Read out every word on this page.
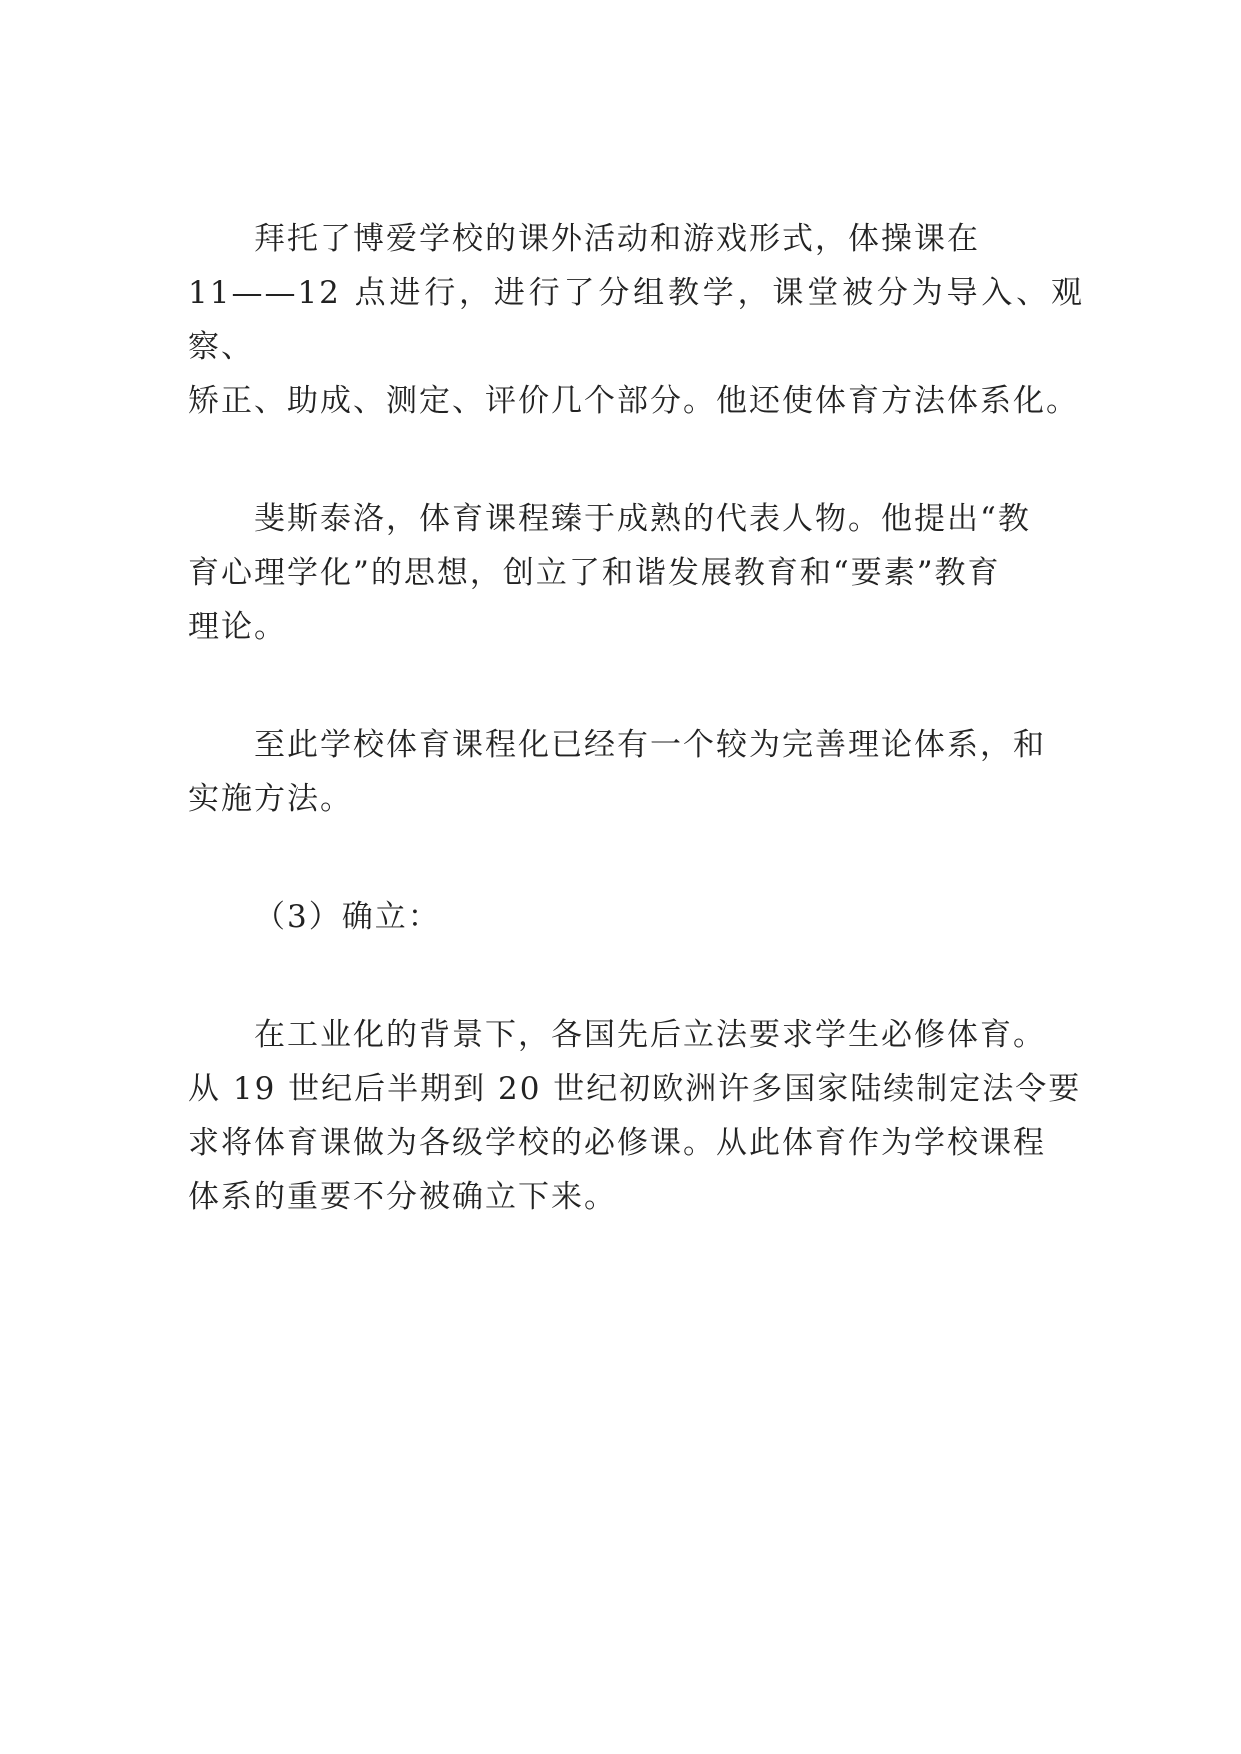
拜托了博爱学校的课外活动和游戏形式，体操课在
11——12 点进行，进行了分组教学，课堂被分为导入、观察、
矫正、助成、测定、评价几个部分。他还使体育方法体系化。
斐斯泰洛，体育课程臻于成熟的代表人物。他提出“教
育心理学化”的思想，创立了和谐发展教育和“要素”教育
理论。
至此学校体育课程化已经有一个较为完善理论体系，和
实施方法。
（3）确立：
在工业化的背景下，各国先后立法要求学生必修体育。
从 19 世纪后半期到 20 世纪初欧洲许多国家陆续制定法令要
求将体育课做为各级学校的必修课。从此体育作为学校课程
体系的重要不分被确立下来。
